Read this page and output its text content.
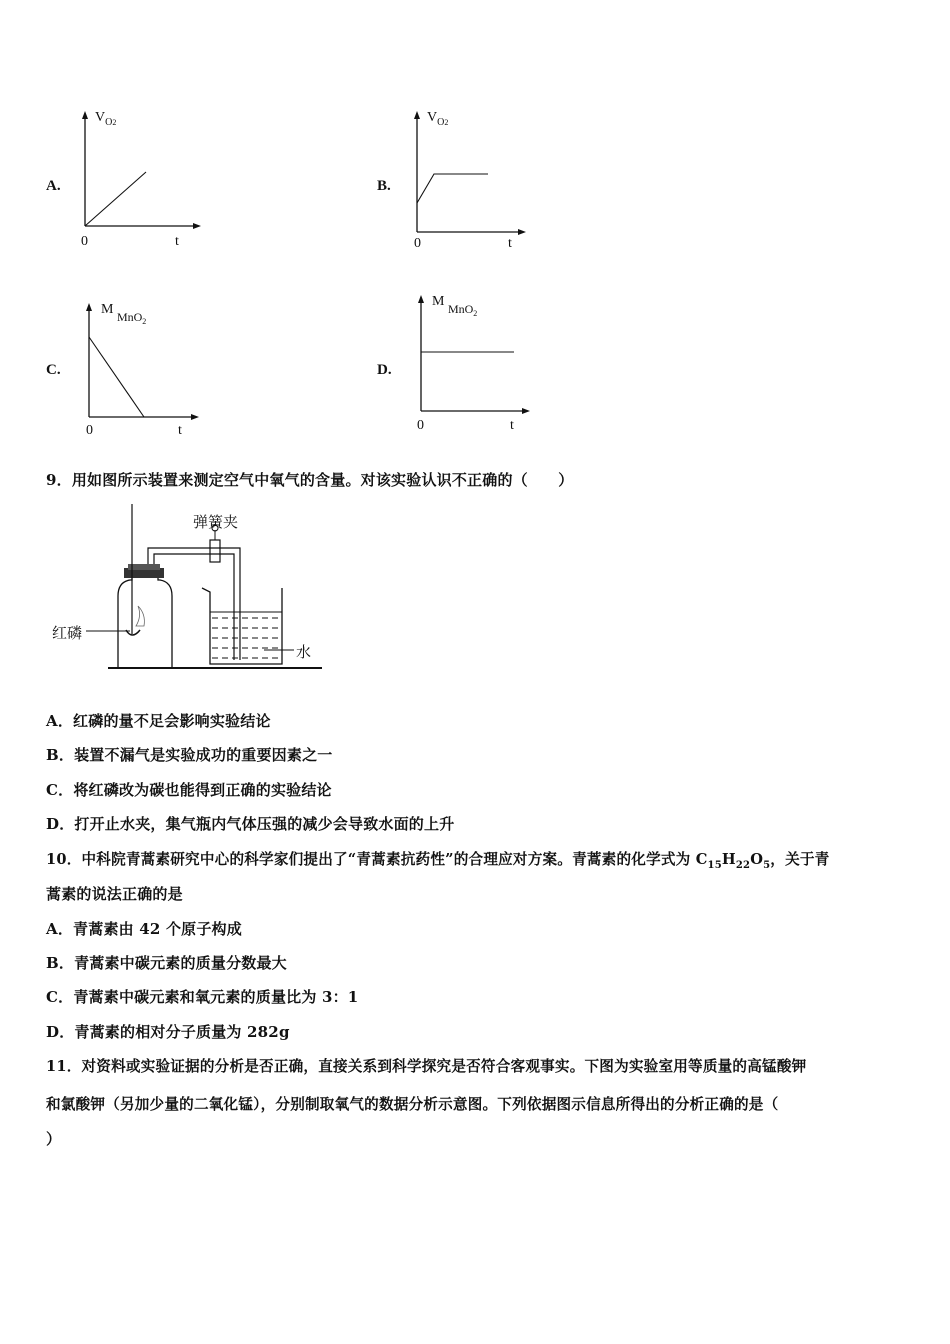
A.
$V_{O2}$
0	t
B.
$V_{O2}$
0	t
C.
M MnO$_2$
0	t
D.
M MnO$_2$
0	t
9．用如图所示装置来测定空气中氧气的含量。对该实验认识不正确的（　　）
弹簧夹
红磷
水
A．红磷的量不足会影响实验结论
B．装置不漏气是实验成功的重要因素之一
C．将红磷改为碳也能得到正确的实验结论
D．打开止水夹，集气瓶内气体压强的减少会导致水面的上升
10．中科院青蒿素研究中心的科学家们提出了“青蒿素抗药性”的合理应对方案。青蒿素的化学式为 $C_{15}H_{22}O_5$，关于青
蒿素的说法正确的是
A．青蒿素由 42 个原子构成
B．青蒿素中碳元素的质量分数最大
C．青蒿素中碳元素和氧元素的质量比为 3：1
D．青蒿素的相对分子质量为 282g
11．对资料或实验证据的分析是否正确，直接关系到科学探究是否符合客观事实。下图为实验室用等质量的高锰酸钾
和氯酸钾（另加少量的二氧化锰），分别制取氧气的数据分析示意图。下列依据图示信息所得出的分析正确的是（
）
